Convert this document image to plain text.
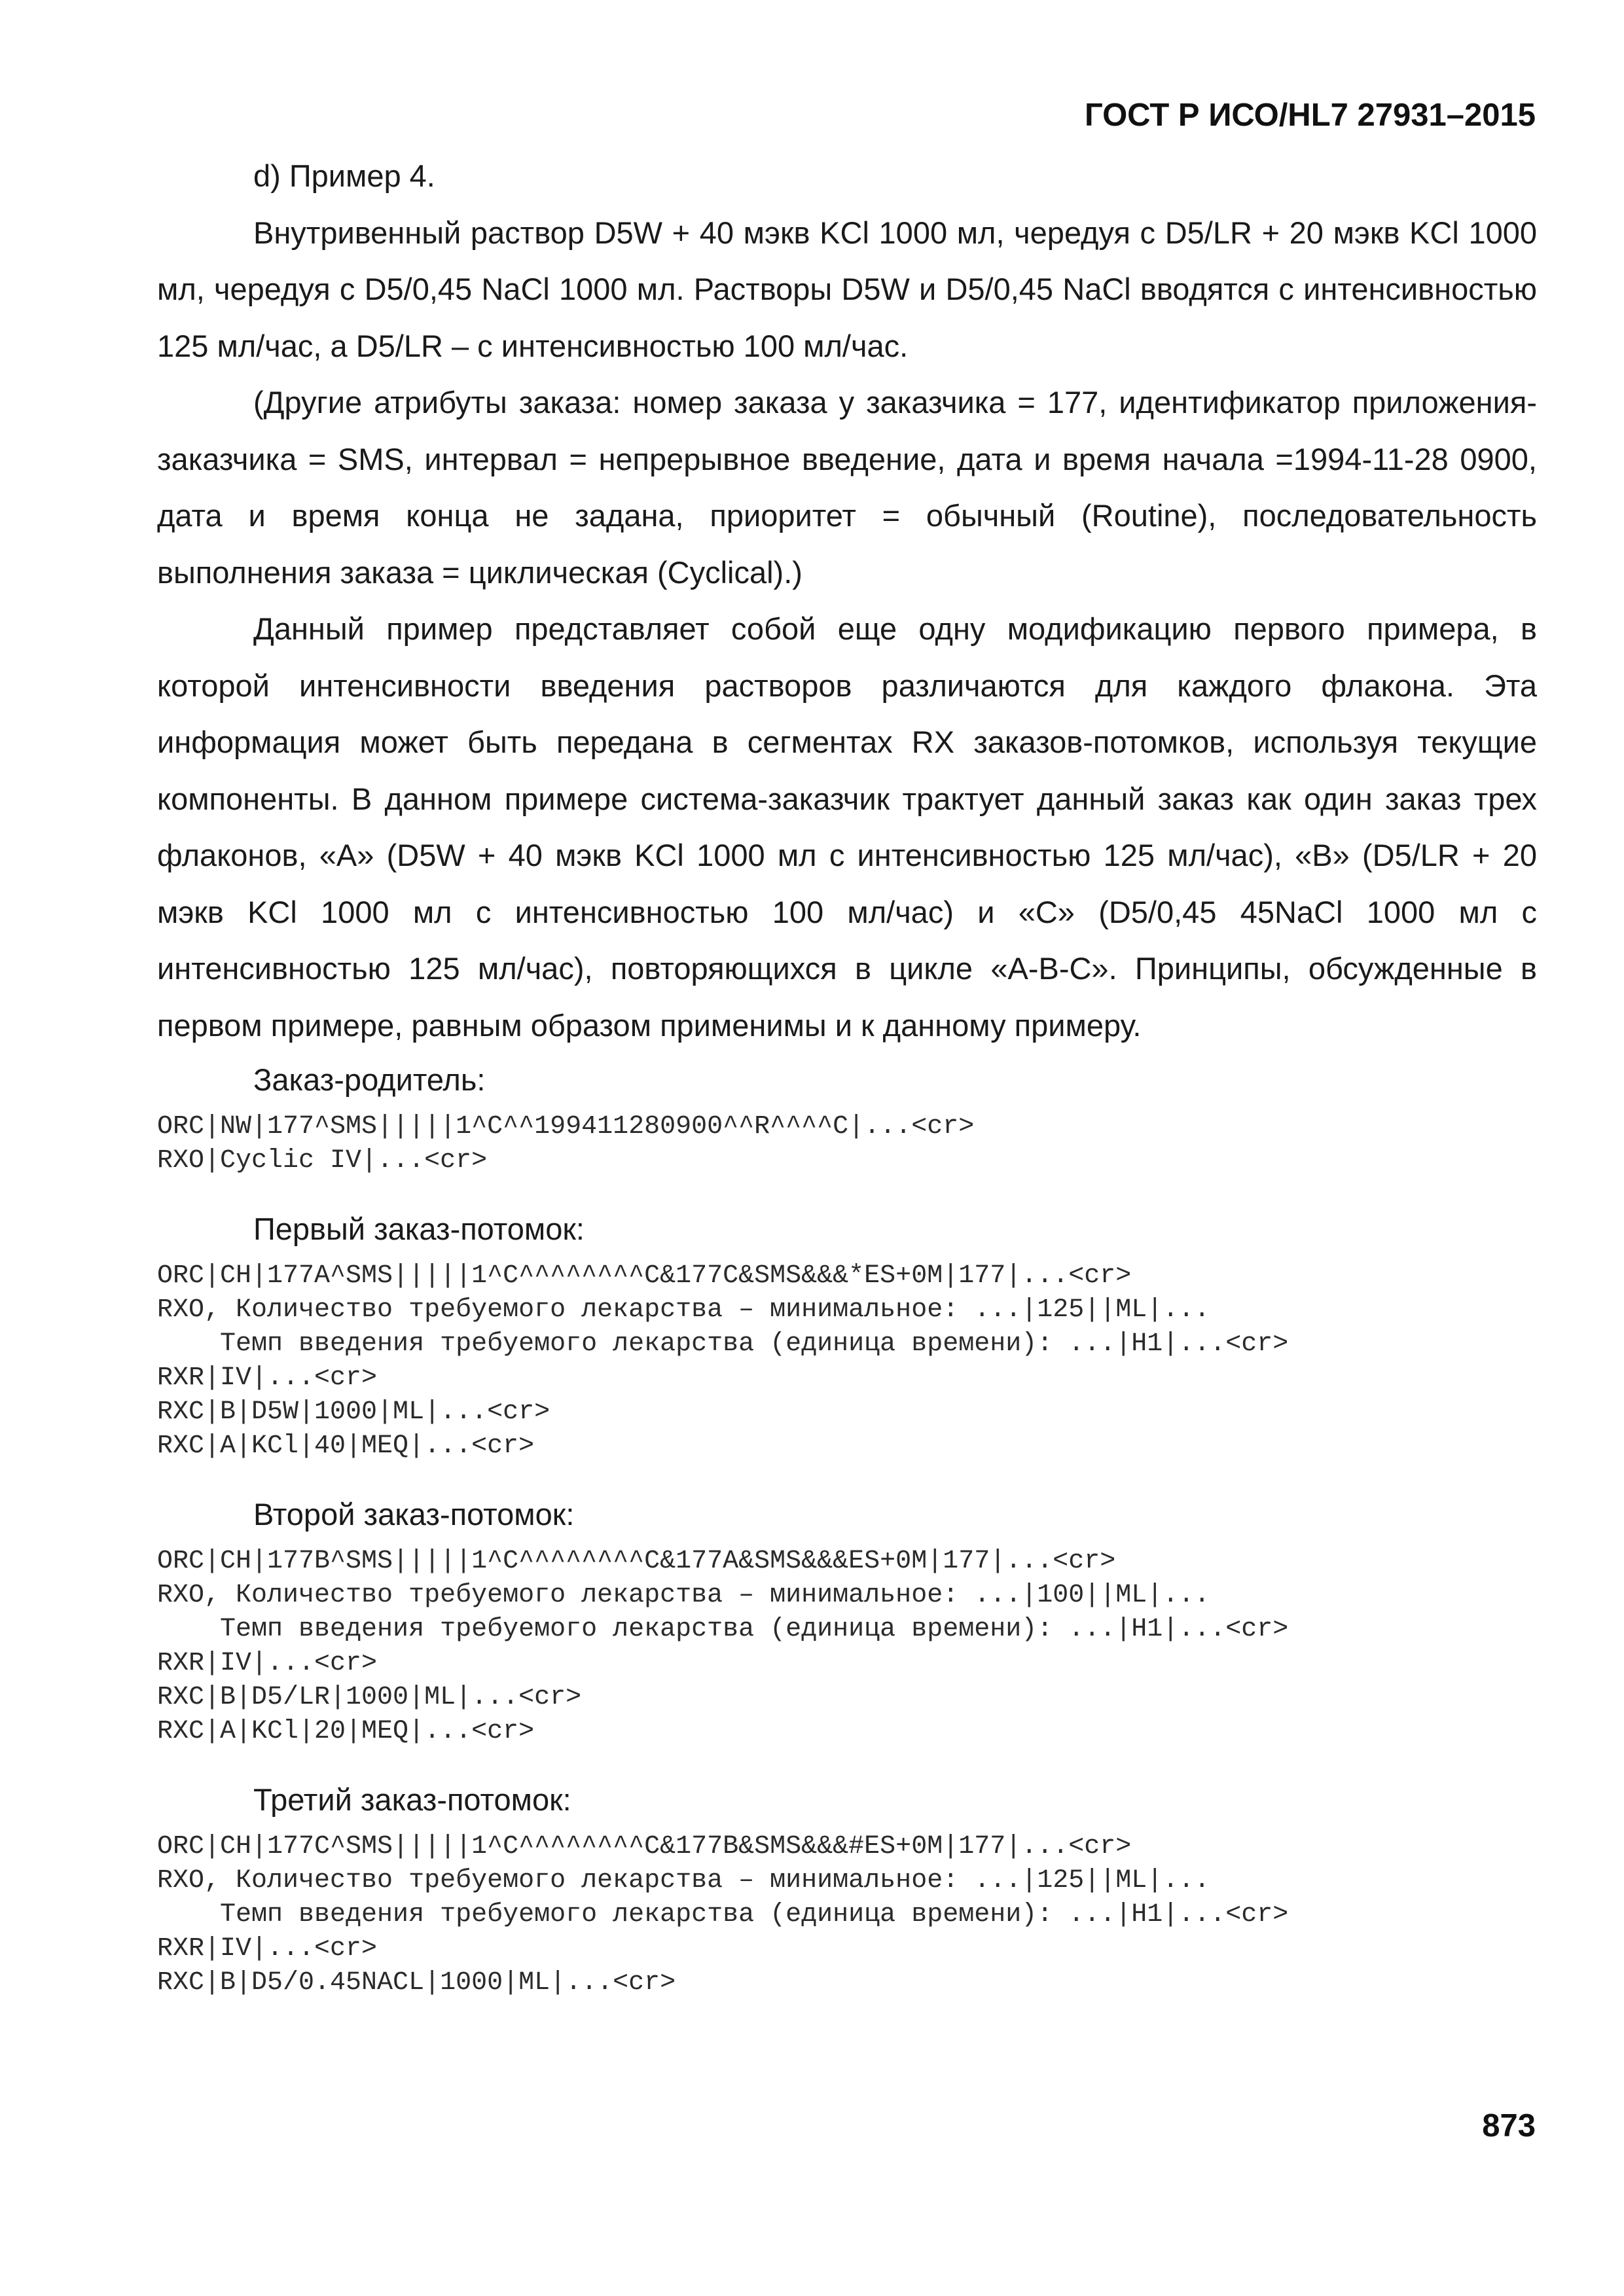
ГОСТ Р ИСО/HL7 27931–2015

d) Пример 4.

Внутривенный раствор D5W + 40 мэкв KCl 1000 мл, чередуя с D5/LR + 20 мэкв KCl 1000 мл, чередуя с D5/0,45 NaCl 1000 мл. Растворы D5W и D5/0,45 NaCl вводятся с интенсивностью 125 мл/час, а D5/LR – с интенсивностью 100 мл/час.

(Другие атрибуты заказа: номер заказа у заказчика = 177, идентификатор приложения-заказчика = SMS, интервал = непрерывное введение, дата и время начала =1994-11-28 0900, дата и время конца не задана, приоритет = обычный (Routine), последовательность выполнения заказа = циклическая (Cyclical).)

Данный пример представляет собой еще одну модификацию первого примера, в которой интенсивности введения растворов различаются для каждого флакона. Эта информация может быть передана в сегментах RX заказов-потомков, используя текущие компоненты. В данном примере система-заказчик трактует данный заказ как один заказ трех флаконов, «A» (D5W + 40 мэкв KCl 1000 мл с интенсивностью 125 мл/час), «B» (D5/LR + 20 мэкв KCl 1000 мл с интенсивностью 100 мл/час) и «C» (D5/0,45 45NaCl 1000 мл с интенсивностью 125 мл/час), повторяющихся в цикле «A-B-C». Принципы, обсужденные в первом примере, равным образом применимы и к данному примеру.

Заказ-родитель:

ORC|NW|177^SMS|||||1^C^^199411280900^^R^^^^C|...<cr>
RXO|Cyclic IV|...<cr>

Первый заказ-потомок:

ORC|CH|177A^SMS|||||1^C^^^^^^^^C&177C&SMS&&&*ES+0M|177|...<cr>
RXO, Количество требуемого лекарства – минимальное: ...|125||ML|...
Темп введения требуемого лекарства (единица времени): ...|H1|...<cr>
RXR|IV|...<cr>
RXC|B|D5W|1000|ML|...<cr>
RXC|A|KCl|40|MEQ|...<cr>

Второй заказ-потомок:

ORC|CH|177B^SMS|||||1^C^^^^^^^^C&177A&SMS&&&ES+0M|177|...<cr>
RXO, Количество требуемого лекарства – минимальное: ...|100||ML|...
Темп введения требуемого лекарства (единица времени): ...|H1|...<cr>
RXR|IV|...<cr>
RXC|B|D5/LR|1000|ML|...<cr>
RXC|A|KCl|20|MEQ|...<cr>

Третий заказ-потомок:

ORC|CH|177C^SMS|||||1^C^^^^^^^^C&177B&SMS&&&#ES+0M|177|...<cr>
RXO, Количество требуемого лекарства – минимальное: ...|125||ML|...
Темп введения требуемого лекарства (единица времени): ...|H1|...<cr>
RXR|IV|...<cr>
RXC|B|D5/0.45NACL|1000|ML|...<cr>
873
